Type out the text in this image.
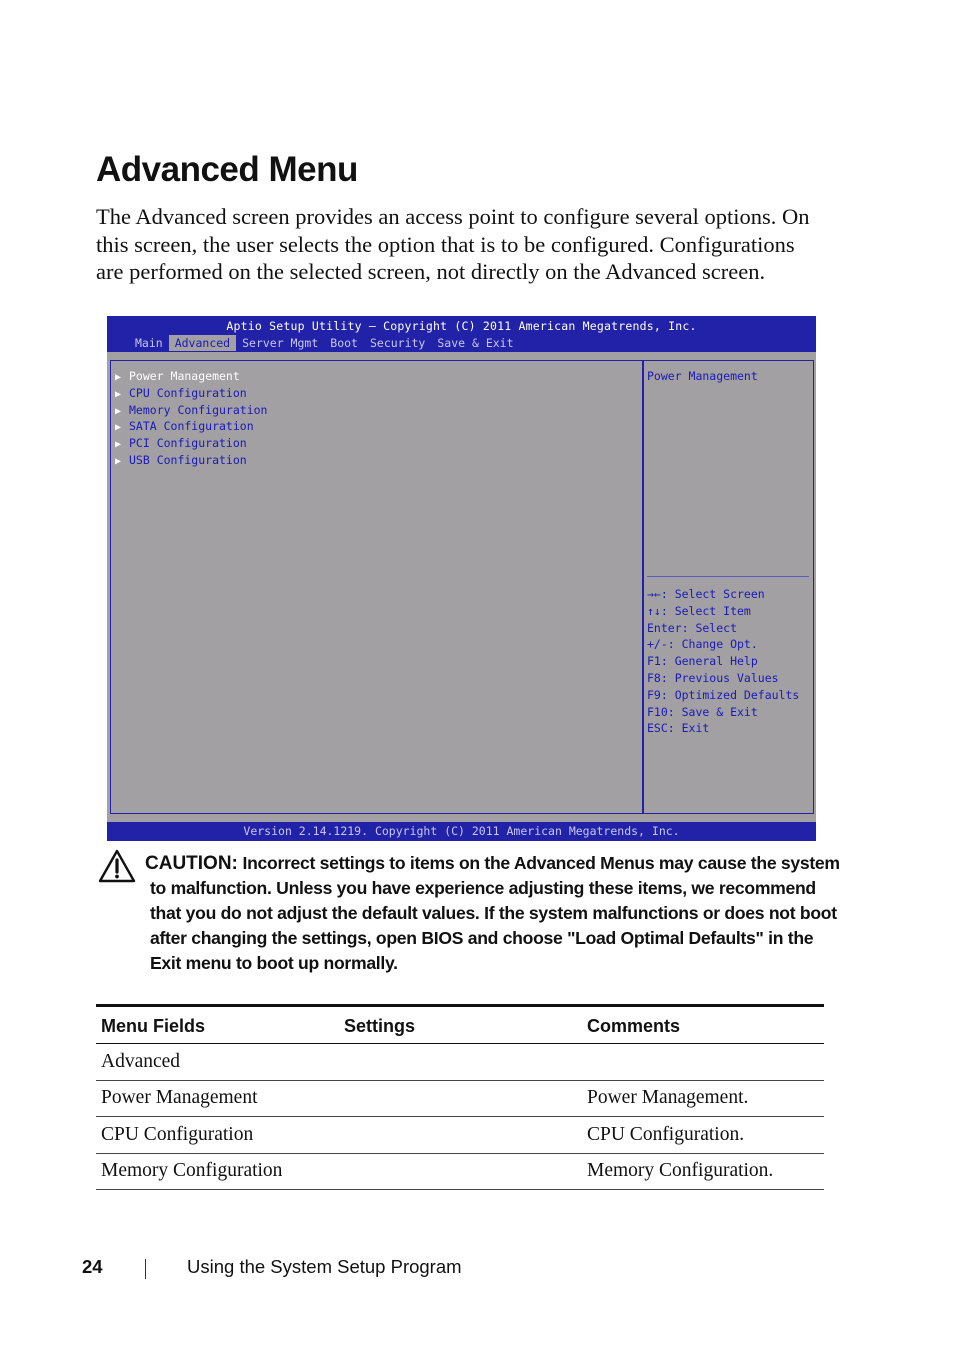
Advanced Menu

The Advanced screen provides an access point to configure several options. On this screen, the user selects the option that is to be configured. Configurations are performed on the selected screen, not directly on the Advanced screen.

Aptio Setup Utility – Copyright (C) 2011 American Megatrends, Inc.
Main	Advanced	Server Mgmt	Boot	Security	Save & Exit
▶ Power Management
▶ CPU Configuration
▶ Memory Configuration
▶ SATA Configuration
▶ PCI Configuration
▶ USB Configuration
Power Management
→←: Select Screen
↑↓: Select Item
Enter: Select
+/-: Change Opt.
F1: General Help
F8: Previous Values
F9: Optimized Defaults
F10: Save & Exit
ESC: Exit
Version 2.14.1219. Copyright (C) 2011 American Megatrends, Inc.

CAUTION: Incorrect settings to items on the Advanced Menus may cause the system to malfunction. Unless you have experience adjusting these items, we recommend that you do not adjust the default values. If the system malfunctions or does not boot after changing the settings, open BIOS and choose "Load Optimal Defaults" in the Exit menu to boot up normally.

Menu Fields	Settings	Comments
Advanced		
Power Management		Power Management.
CPU Configuration		CPU Configuration.
Memory Configuration		Memory Configuration.
24	Using the System Setup Program
